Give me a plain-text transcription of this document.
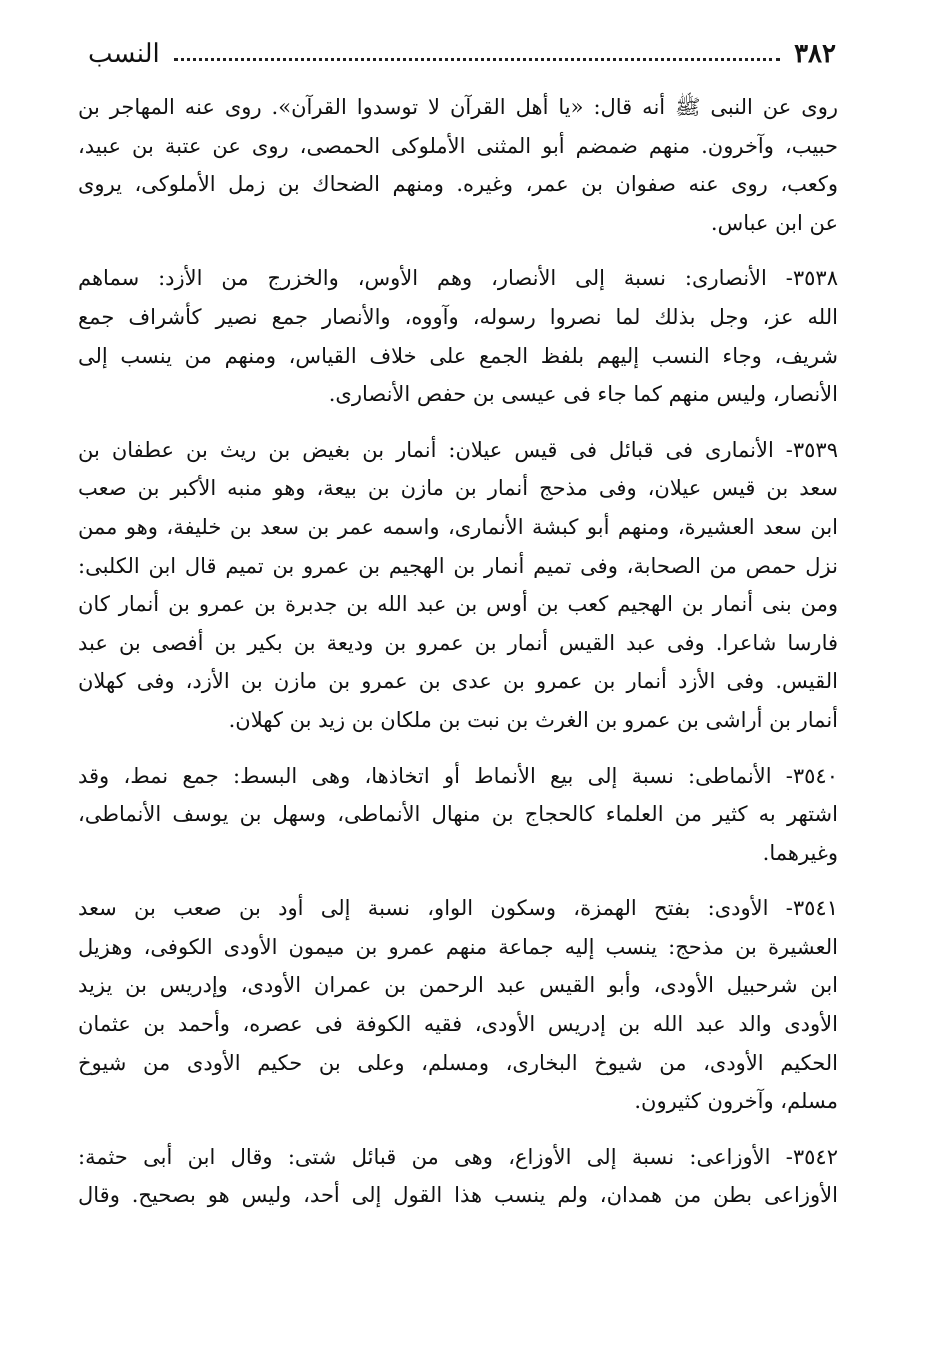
٣٨٢
النسب

روى عن النبى ﷺ أنه قال: «يا أهل القرآن لا توسدوا القرآن». روى عنه المهاجر بن
حبيب، وآخرون. منهم ضمضم أبو المثنى الأملوكى الحمصى، روى عن عتبة بن عبيد،
وكعب، روى عنه صفوان بن عمر، وغيره. ومنهم الضحاك بن زمل الأملوكى، يروى
عن ابن عباس.

٣٥٣٨- الأنصارى: نسبة إلى الأنصار، وهم الأوس، والخزرج من الأزد: سماهم
الله عز، وجل بذلك لما نصروا رسوله، وآووه، والأنصار جمع نصير كأشراف جمع
شريف، وجاء النسب إليهم بلفظ الجمع على خلاف القياس، ومنهم من ينسب إلى
الأنصار، وليس منهم كما جاء فى عيسى بن حفص الأنصارى.

٣٥٣٩- الأنمارى فى قبائل فى قيس عيلان: أنمار بن بغيض بن ريث بن عطفان بن
سعد بن قيس عيلان، وفى مذحج أنمار بن مازن بن بيعة، وهو منبه الأكبر بن صعب
ابن سعد العشيرة، ومنهم أبو كبشة الأنمارى، واسمه عمر بن سعد بن خليفة، وهو ممن
نزل حمص من الصحابة، وفى تميم أنمار بن الهجيم بن عمرو بن تميم قال ابن الكلبى:
ومن بنى أنمار بن الهجيم كعب بن أوس بن عبد الله بن جدبرة بن عمرو بن أنمار كان
فارسا شاعرا. وفى عبد القيس أنمار بن عمرو بن وديعة بن بكير بن أفصى بن عبد
القيس. وفى الأزد أنمار بن عمرو بن عدى بن عمرو بن مازن بن الأزد، وفى كهلان
أنمار بن أراشى بن عمرو بن الغرث بن نبت بن ملكان بن زيد بن كهلان.

٣٥٤٠- الأنماطى: نسبة إلى بيع الأنماط أو اتخاذها، وهى البسط: جمع نمط، وقد
اشتهر به كثير من العلماء كالحجاج بن منهال الأنماطى، وسهل بن يوسف الأنماطى،
وغيرهما.

٣٥٤١- الأودى: بفتح الهمزة، وسكون الواو، نسبة إلى أود بن صعب بن سعد
العشيرة بن مذحج: ينسب إليه جماعة منهم عمرو بن ميمون الأودى الكوفى، وهزيل
ابن شرحبيل الأودى، وأبو القيس عبد الرحمن بن عمران الأودى، وإدريس بن يزيد
الأودى والد عبد الله بن إدريس الأودى، فقيه الكوفة فى عصره، وأحمد بن عثمان
الحكيم الأودى، من شيوخ البخارى، ومسلم، وعلى بن حكيم الأودى من شيوخ
مسلم، وآخرون كثيرون.

٣٥٤٢- الأوزاعى: نسبة إلى الأوزاع، وهى من قبائل شتى: وقال ابن أبى حثمة:
الأوزاعى بطن من همدان، ولم ينسب هذا القول إلى أحد، وليس هو بصحيح. وقال
